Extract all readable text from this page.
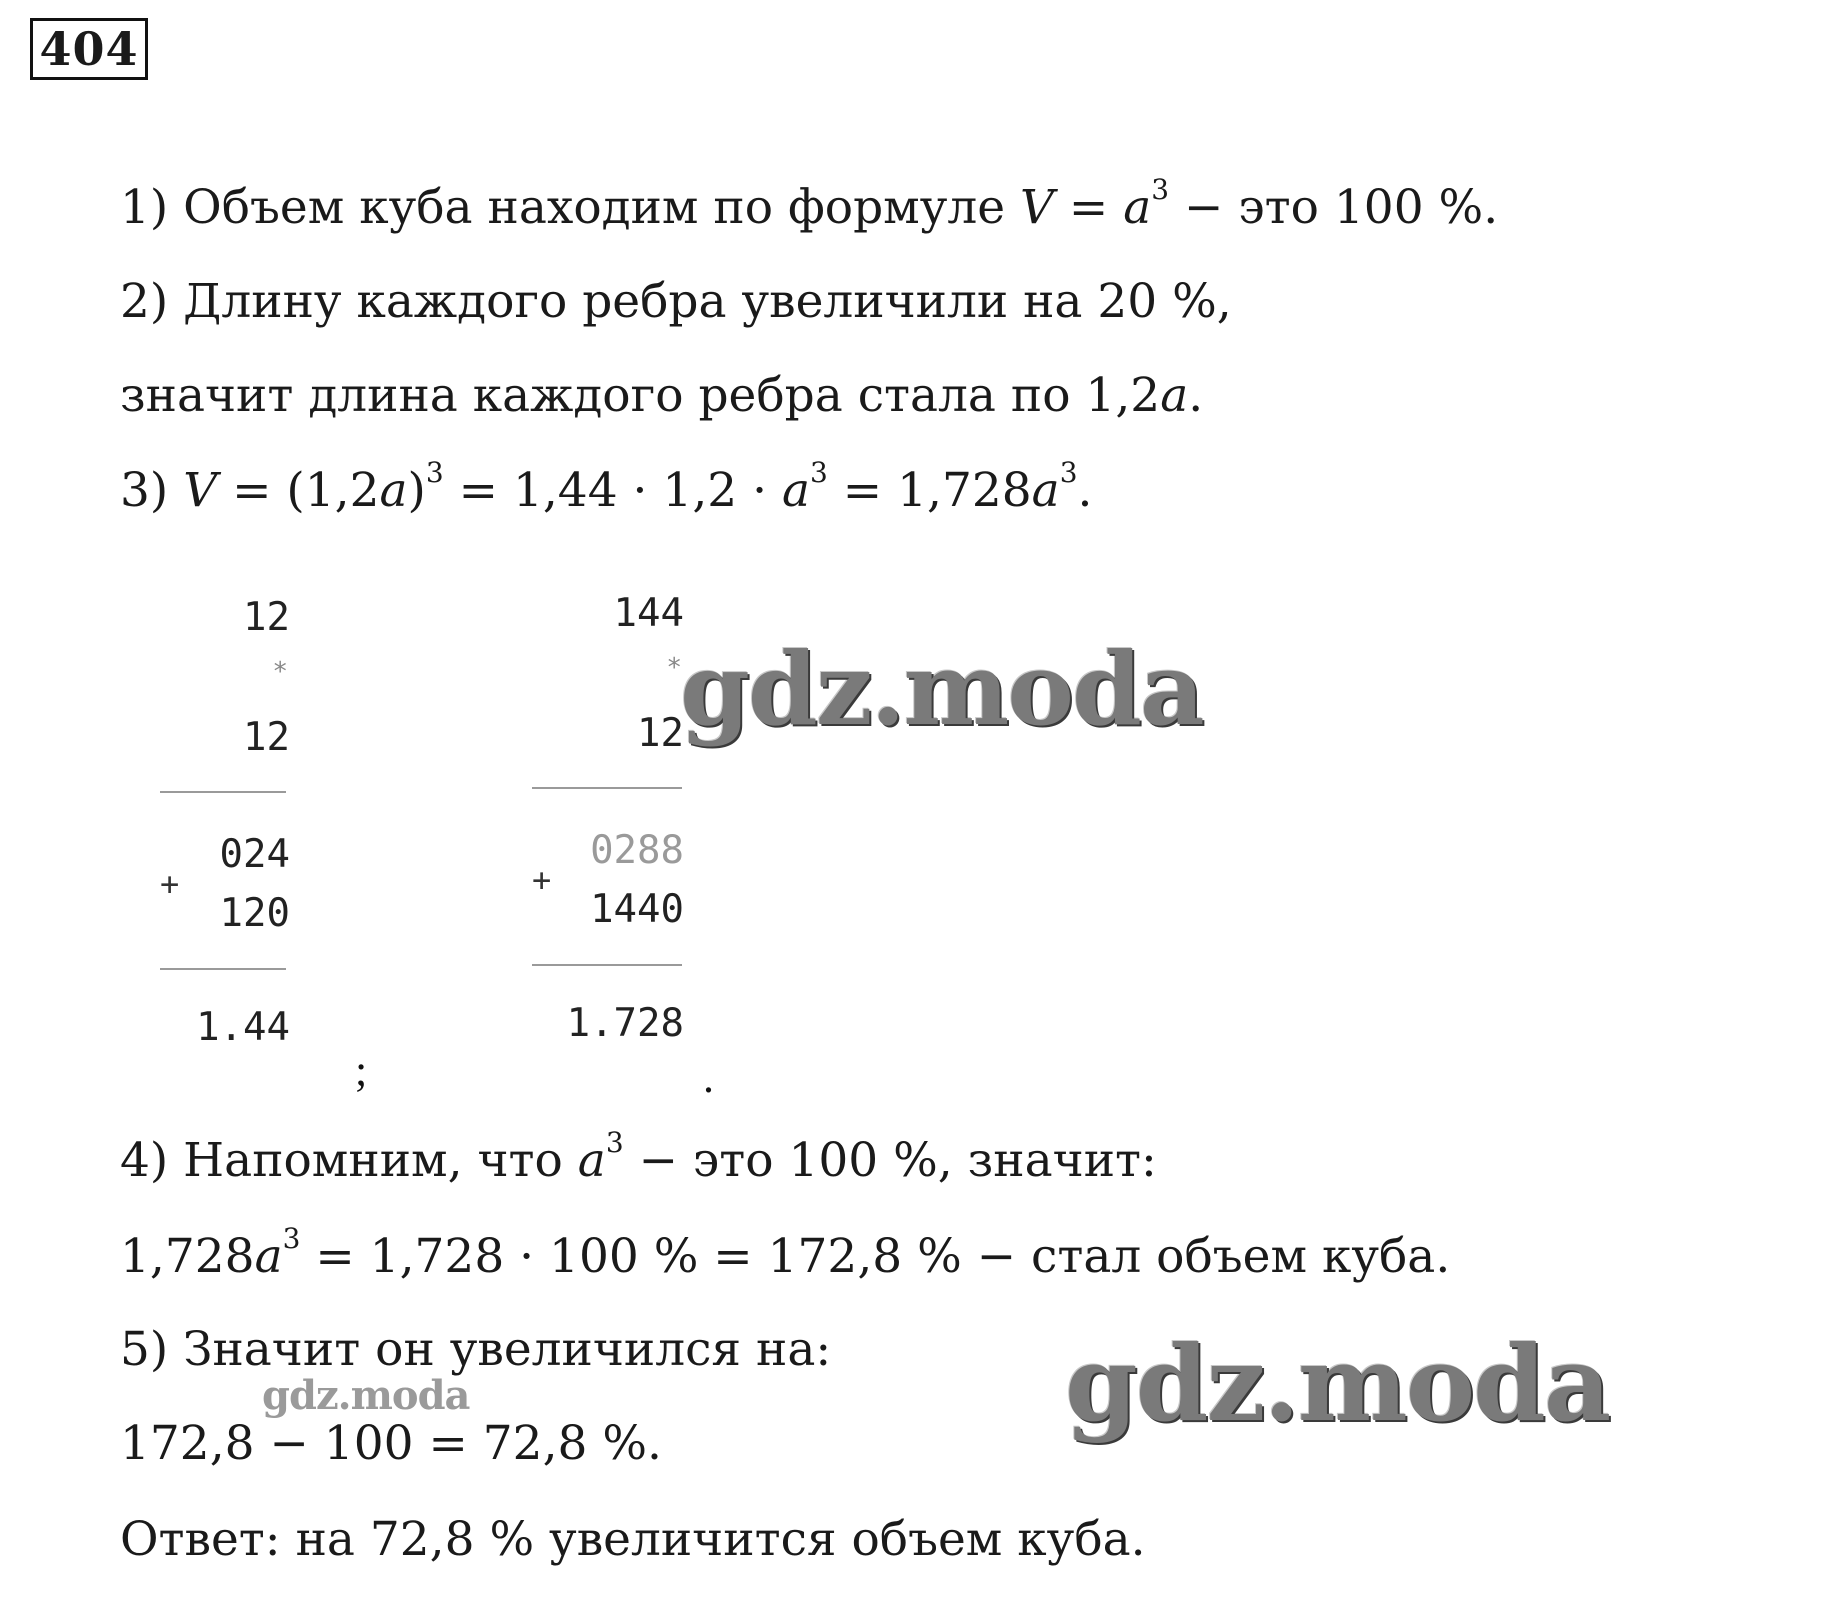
404
1) Объем куба находим по формуле $V = a^3$ − это 100 %.
2) Длину каждого ребра увеличили на 20 %,
значит длина каждого ребра стала по 1,2a.
3) $V = (1,2a)^3 = 1,44 \cdot 1,2 \cdot a^3 = 1,728a^3$.

12

*

12

024

+

120

1.44

;

144

*

12

0288

+

1440

1.728

.
gdz.moda
4) Напомним, что $a^3$ − это 100 %, значит:
$1,728a^3 = 1,728 \cdot 100$ % = 172,8 % − стал объем куба.
5) Значит он увеличился на:
gdz.moda	gdz.moda
172,8 − 100 = 72,8 %.
Ответ: на 72,8 % увеличится объем куба.
